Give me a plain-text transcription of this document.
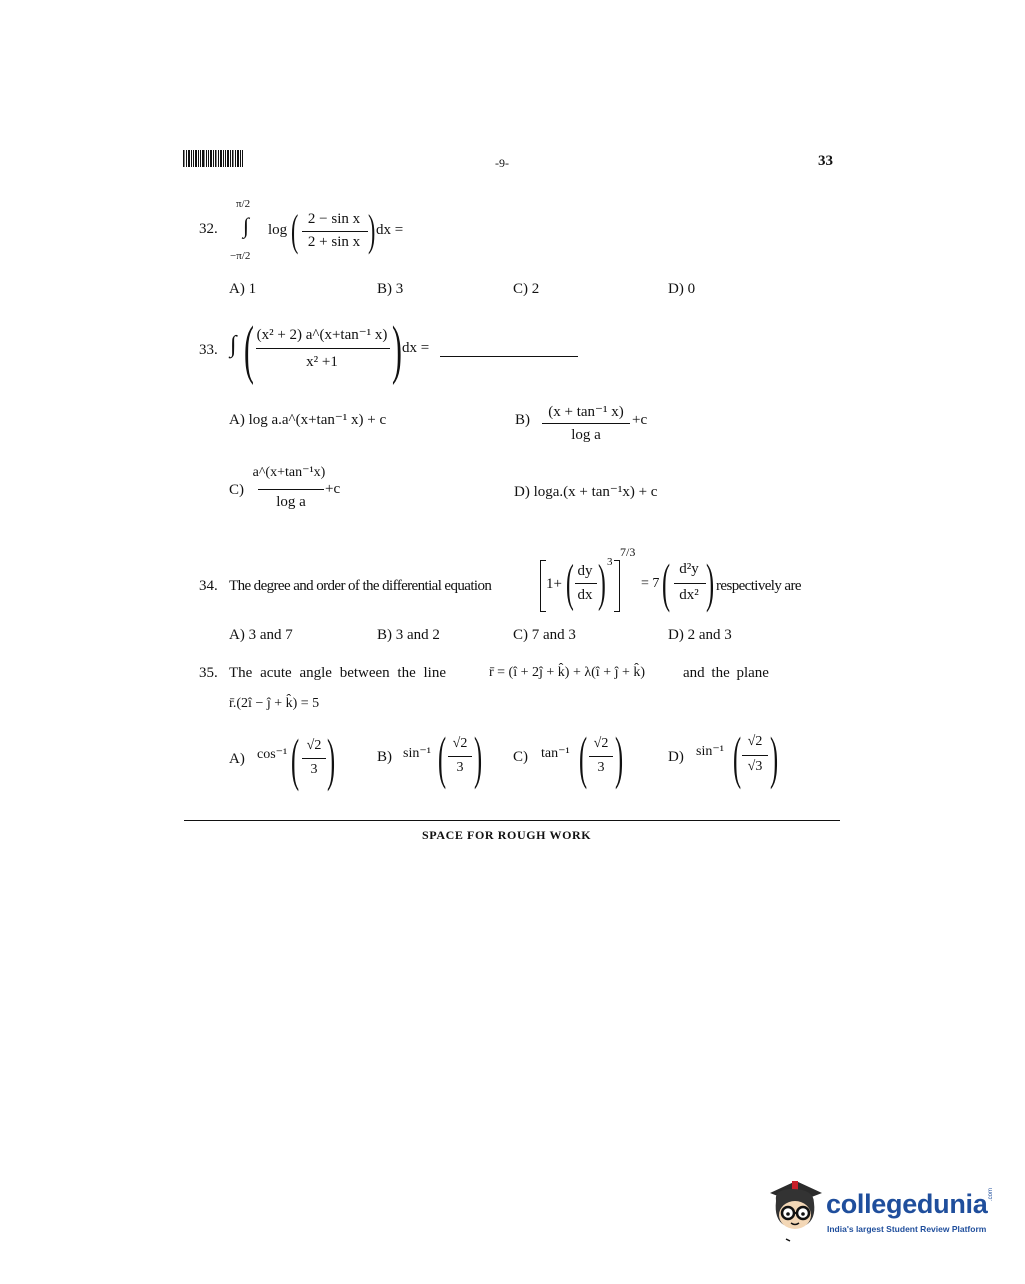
-9-	33
32.
π/2
∫
−π/2
log ( 2 − sin x
2 + sin x ) dx =
A) 1	B) 3	C) 2	D) 0
33. ∫ ( (x² + 2) a^(x+tan⁻¹ x)
x² +1 ) dx =
A) log a.a^(x+tan⁻¹ x) + c	B)	(x + tan⁻¹ x)
log a
+c
C)
a^(x+tan⁻¹x)
log a
+c	D) loga.(x + tan⁻¹x) + c
34. The degree and order of the differential equation	1+ ( dy
dx ) 3
7/3
= 7 ( d²y
dx² ) respectively are
A) 3 and 7	B) 3 and 2	C) 7 and 3	D) 2 and 3
35. The acute angle between the line	r̄ = (î + 2ĵ + k̂) + λ(î + ĵ + k̂)	and the plane
r̄.(2î − ĵ + k̂) = 5
A) cos⁻¹ ( √2
3 )	B) sin⁻¹ ( √2
3 ) C) tan⁻¹ ( √2
3 )	D) sin⁻¹ ( √2
√3 )
SPACE FOR ROUGH WORK
collegedunia .com
India's largest Student Review Platform
